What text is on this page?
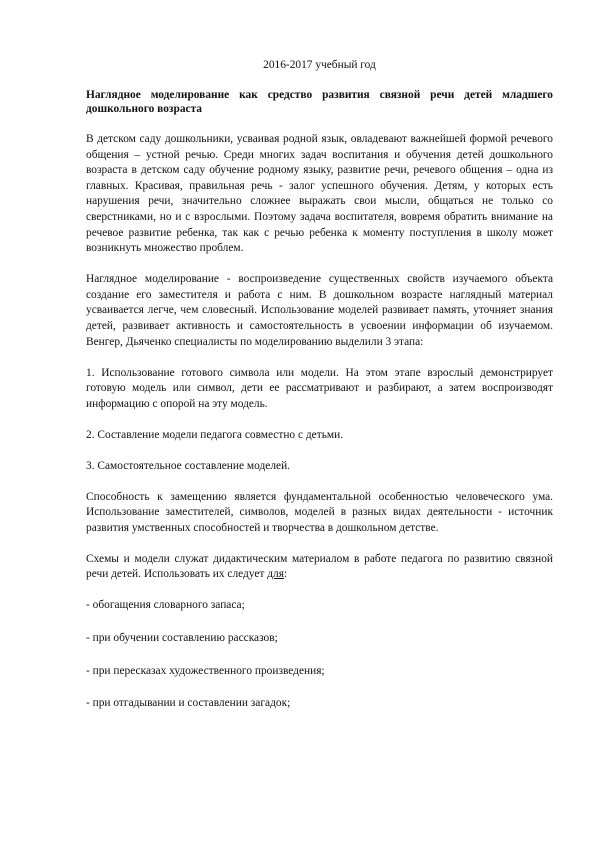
2016-2017 учебный год

Наглядное моделирование как средство развития связной речи детей младшего дошкольного возраста

В детском саду дошкольники, усваивая родной язык, овладевают важнейшей формой речевого общения – устной речью. Среди многих задач воспитания и обучения детей дошкольного возраста в детском саду обучение родному языку, развитие речи, речевого общения – одна из главных. Красивая, правильная речь - залог успешного обучения. Детям, у которых есть нарушения речи, значительно сложнее выражать свои мысли, общаться не только со сверстниками, но и с взрослыми. Поэтому задача воспитателя, вовремя обратить внимание на речевое развитие ребенка, так как с речью ребенка к моменту поступления в школу может возникнуть множество проблем.

Наглядное моделирование - воспроизведение существенных свойств изучаемого объекта создание его заместителя и работа с ним. В дошкольном возрасте наглядный материал усваивается легче, чем словесный. Использование моделей развивает память, уточняет знания детей, развивает активность и самостоятельность в усвоении информации об изучаемом. Венгер, Дьяченко специалисты по моделированию выделили 3 этапа:

1. Использование готового символа или модели. На этом этапе взрослый демонстрирует готовую модель или символ, дети ее рассматривают и разбирают, а затем воспроизводят информацию с опорой на эту модель.

2. Составление модели педагога совместно с детьми.

3. Самостоятельное составление моделей.

Способность к замещению является фундаментальной особенностью человеческого ума. Использование заместителей, символов, моделей в разных видах деятельности - источник развития умственных способностей и творчества в дошкольном детстве.

Схемы и модели служат дидактическим материалом в работе педагога по развитию связной речи детей. Использовать их следует для:

- обогащения словарного запаса;

- при обучении составлению рассказов;

- при пересказах художественного произведения;

- при отгадывании и составлении загадок;
